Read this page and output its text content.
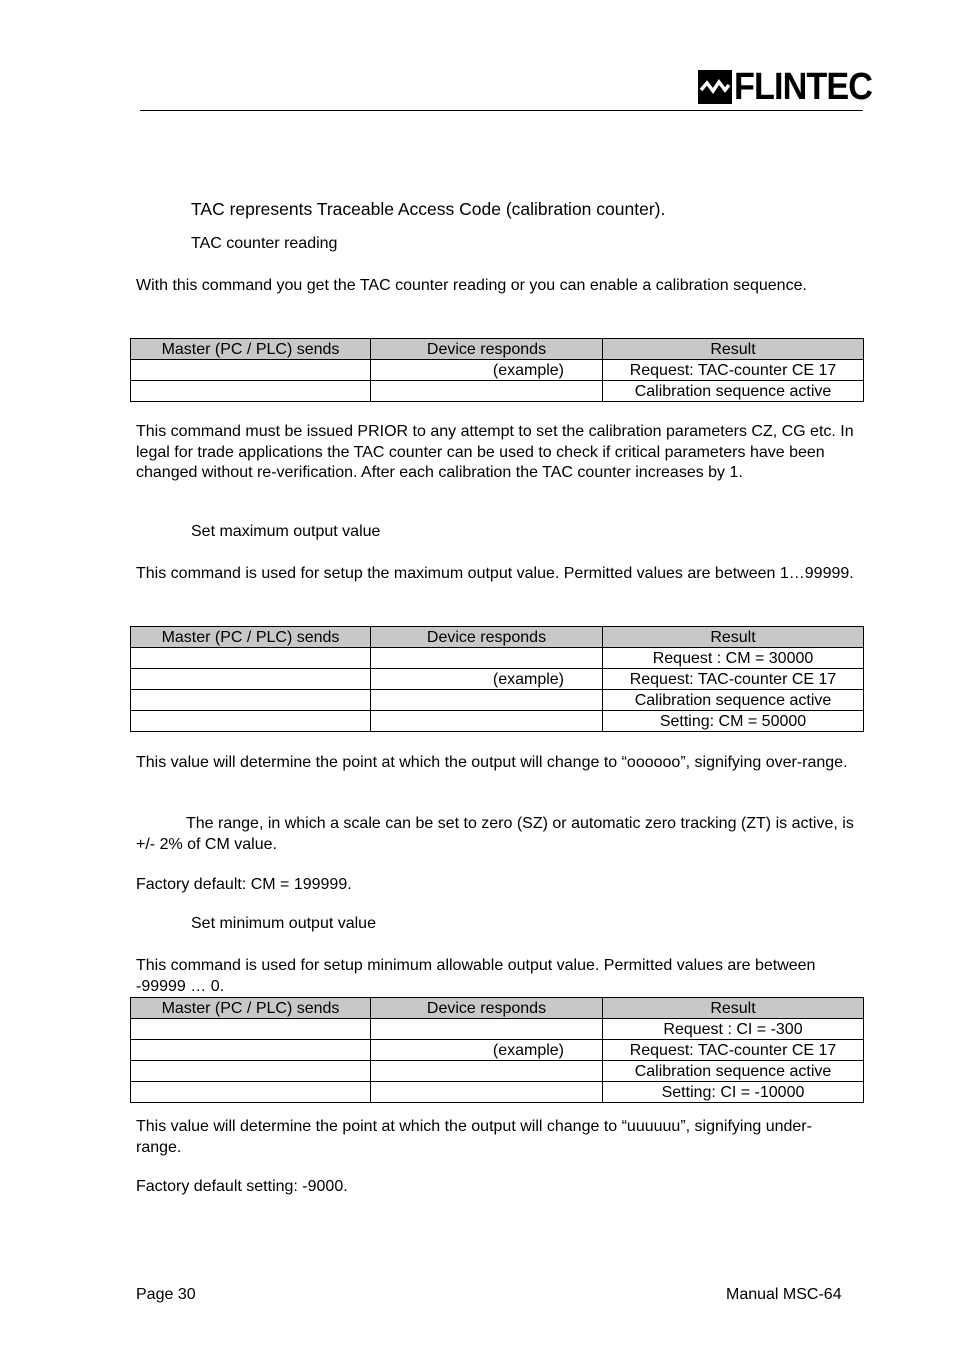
FLINTEC
TAC represents Traceable Access Code (calibration counter).
TAC counter reading
With this command you get the TAC counter reading or you can enable a calibration sequence.
Master (PC / PLC) sends	Device responds	Result
	(example)	Request: TAC-counter CE 17
		Calibration sequence active
This command must be issued PRIOR to any attempt to set the calibration parameters CZ, CG etc. In legal for trade applications the TAC counter can be used to check if critical parameters have been changed without re-verification. After each calibration the TAC counter increases by 1.
Set maximum output value
This command is used for setup the maximum output value. Permitted values are between 1…99999.
Master (PC / PLC) sends	Device responds	Result
		Request : CM = 30000
	(example)	Request: TAC-counter CE 17
		Calibration sequence active
		Setting: CM = 50000
This value will determine the point at which the output will change to “oooooo”, signifying over-range.
The range, in which a scale can be set to zero (SZ) or automatic zero tracking (ZT) is active, is +/- 2% of CM value.
Factory default: CM = 199999.
Set minimum output value
This command is used for setup minimum allowable output value. Permitted values are between -99999 … 0.
Master (PC / PLC) sends	Device responds	Result
		Request : CI = -300
	(example)	Request: TAC-counter CE 17
		Calibration sequence active
		Setting: CI = -10000
This value will determine the point at which the output will change to “uuuuuu”, signifying under-range.
Factory default setting: -9000.
Page 30	Manual MSC-64
